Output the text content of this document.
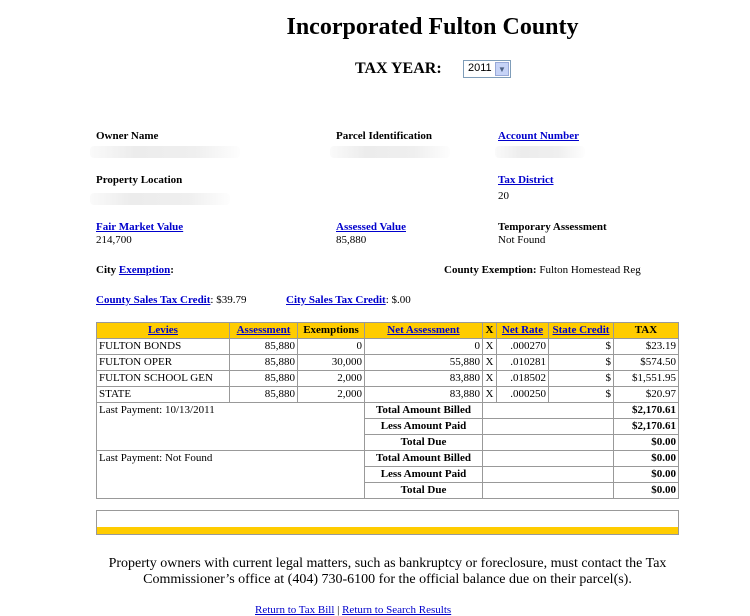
Incorporated Fulton County
TAX YEAR: 2011 ▼
Owner Name	Parcel Identification	Account Number
Property Location	Tax District
20
Fair Market Value
214,700
Assessed Value
85,880
Temporary Assessment
Not Found
City Exemption:	County Exemption: Fulton Homestead Reg
County Sales Tax Credit: $39.79	City Sales Tax Credit: $.00
Levies	Assessment	Exemptions	Net Assessment	X	Net Rate	State Credit	TAX
FULTON BONDS	85,880	0	0	X	.000270	$	$23.19
FULTON OPER	85,880	30,000	55,880	X	.010281	$	$574.50
FULTON SCHOOL GEN	85,880	2,000	83,880	X	.018502	$	$1,551.95
STATE	85,880	2,000	83,880	X	.000250	$	$20.97
Last Payment: 10/13/2011			Total Amount Billed				$2,170.61
			Less Amount Paid				$2,170.61
			Total Due				$0.00
Last Payment: Not Found			Total Amount Billed				$0.00
			Less Amount Paid				$0.00
			Total Due				$0.00
Property owners with current legal matters, such as bankruptcy or foreclosure, must contact the Tax Commissioner’s office at (404) 730-6100 for the official balance due on their parcel(s).
Return to Tax Bill | Return to Search Results
